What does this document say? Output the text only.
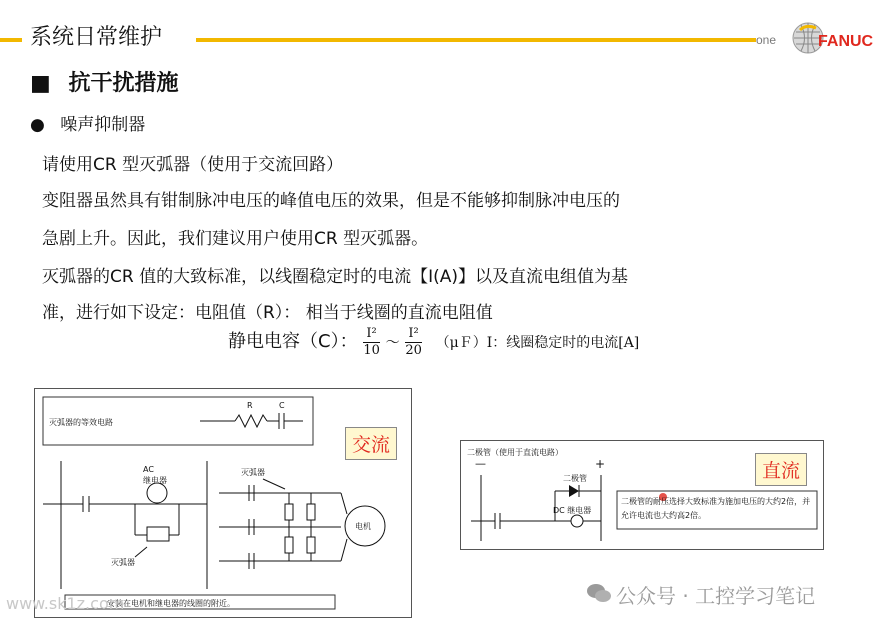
系统日常维护	one	FANUC
■ 抗干扰措施
● 噪声抑制器
请使用CR 型灭弧器（使用于交流回路）
变阻器虽然具有钳制脉冲电压的峰值电压的效果，但是不能够抑制脉冲电压的
急剧上升。因此，我们建议用户使用CR 型灭弧器。
灭弧器的CR 值的大致标准，以线圈稳定时的电流【I(A)】以及直流电组值为基
准，进行如下设定：电阻值（R）： 相当于线圈的直流电阻值
静电电容（C）： $\frac{\text{I²}}{10}$ ～ $\frac{\text{I²}}{20}$ （μＦ）I：线圈稳定时的电流[A]
灭弧器的等效电路
R	C
AC
继电器
灭弧器
灭弧器
电机
安装在电机和继电器的线圈的附近。
交流	二极管（使用于直流电路）
—	+
二极管
DC 继电器
二极管的耐压选择大致标准为施加电压的大约2倍，并允许电流也大约高2倍。
直流
www.sk1z.com	公众号 · 工控学习笔记
